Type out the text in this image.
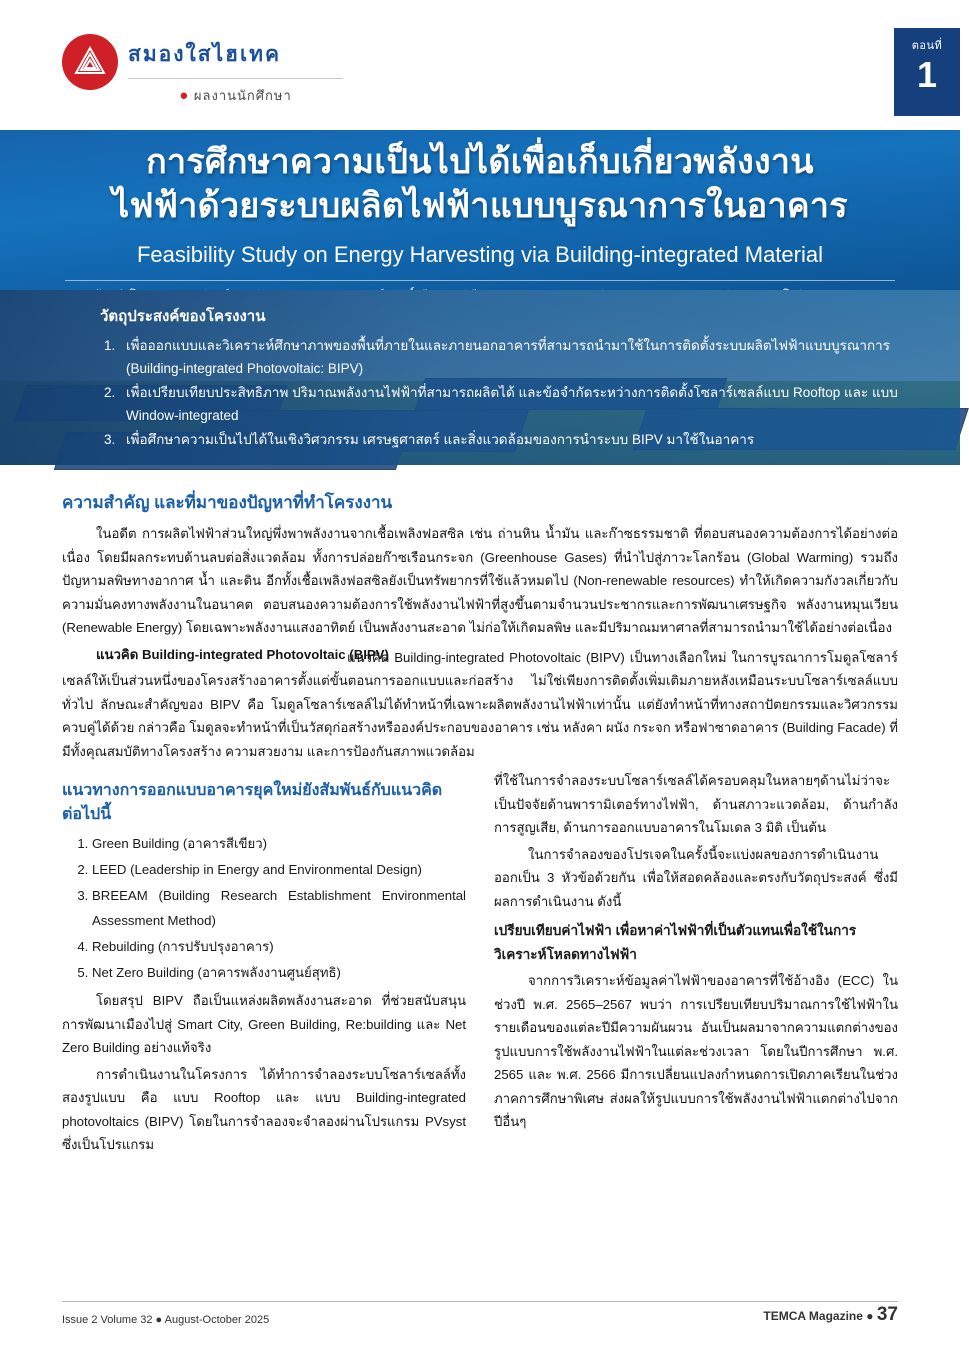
สมองใสไฮเทค
● ผลงานนักศึกษา
ตอนที่
1
การศึกษาความเป็นไปได้เพื่อเก็บเกี่ยวพลังงาน
ไฟฟ้าด้วยระบบผลิตไฟฟ้าแบบบูรณาการในอาคาร
Feasibility Study on Energy Harvesting via Building-integrated Material
วัตถุประสงค์ของโครงงาน
1. เพื่อออกแบบและวิเคราะห์ศึกษาภาพของพื้นที่ภายในและภายนอกอาคารที่สามารถนำมาใช้ในการติดตั้งระบบผลิตไฟฟ้าแบบบูรณาการ (Building-integrated Photovoltaic: BIPV)
2. เพื่อเปรียบเทียบประสิทธิภาพ ปริมาณพลังงานไฟฟ้าที่สามารถผลิตได้ และข้อจำกัดระหว่างการติดตั้งโซลาร์เซลล์แบบ Rooftop และ แบบ Window-integrated
3. เพื่อศึกษาความเป็นไปได้ในเชิงวิศวกรรม เศรษฐศาสตร์ และสิ่งแวดล้อมของการนำระบบ BIPV มาใช้ในอาคาร
ความสำคัญ และที่มาของปัญหาที่ทำโครงงาน

ในอดีต การผลิตไฟฟ้าส่วนใหญ่พึ่งพาพลังงานจากเชื้อเพลิงฟอสซิล เช่น ถ่านหิน น้ำมัน และก๊าซธรรมชาติ ที่ตอบสนองความต้องการได้อย่างต่อเนื่อง โดยมีผลกระทบด้านลบต่อสิ่งแวดล้อม ทั้งการปล่อยก๊าซเรือนกระจก (Greenhouse Gases) ที่นำไปสู่ภาวะโลกร้อน (Global Warming) รวมถึงปัญหามลพิษทางอากาศ น้ำ และดิน อีกทั้งเชื้อเพลิงฟอสซิลยังเป็นทรัพยากรที่ใช้แล้วหมดไป (Non-renewable resources) ทำให้เกิดความกังวลเกี่ยวกับความมั่นคงทางพลังงานในอนาคต ตอบสนองความต้องการใช้พลังงานไฟฟ้าที่สูงขึ้นตามจำนวนประชากรและการพัฒนาเศรษฐกิจ พลังงานหมุนเวียน (Renewable Energy) โดยเฉพาะพลังงานแสงอาทิตย์ เป็นพลังงานสะอาด ไม่ก่อให้เกิดมลพิษ และมีปริมาณมหาศาลที่สามารถนำมาใช้ได้อย่างต่อเนื่อง

แนวคิด Building-integrated Photovoltaic (BIPV)

แนวคิด Building-integrated Photovoltaic (BIPV) เป็นทางเลือกใหม่ ในการบูรณาการโมดูลโซลาร์เซลล์ให้เป็นส่วนหนึ่งของโครงสร้างอาคารตั้งแต่ขั้นตอนการออกแบบและก่อสร้าง ไม่ใช่เพียงการติดตั้งเพิ่มเติมภายหลังเหมือนระบบโซลาร์เซลล์แบบทั่วไป ลักษณะสำคัญของ BIPV คือ โมดูลโซลาร์เซลล์ไม่ได้ทำหน้าที่เฉพาะผลิตพลังงานไฟฟ้าเท่านั้น แต่ยังทำหน้าที่ทางสถาปัตยกรรมและวิศวกรรมควบคู่ได้ด้วย กล่าวคือ โมดูลจะทำหน้าที่เป็นวัสดุก่อสร้างหรือองค์ประกอบของอาคาร เช่น หลังคา ผนัง กระจก หรือฟาซาดอาคาร (Building Facade) ที่มีทั้งคุณสมบัติทางโครงสร้าง ความสวยงาม และการป้องกันสภาพแวดล้อม

แนวทางการออกแบบอาคารยุคใหม่ยังสัมพันธ์กับแนวคิด
ต่อไปนี้
1. Green Building (อาคารสีเขียว)
2. LEED (Leadership in Energy and Environmental Design)
3. BREEAM (Building Research Establishment Environmental Assessment Method)
4. Rebuilding (การปรับปรุงอาคาร)
5. Net Zero Building (อาคารพลังงานศูนย์สุทธิ)

โดยสรุป BIPV ถือเป็นแหล่งผลิตพลังงานสะอาด ที่ช่วยสนับสนุนการพัฒนาเมืองไปสู่ Smart City, Green Building, Re:building และ Net Zero Building อย่างแท้จริง

การดำเนินงานในโครงการ ได้ทำการจำลองระบบโซลาร์เซลล์ทั้งสองรูปแบบ คือ แบบ Rooftop และ แบบ Building-integrated photovoltaics (BIPV) โดยในการจำลองจะจำลองผ่านโปรแกรม PVsyst ซึ่งเป็นโปรแกรม

ที่ใช้ในการจำลองระบบโซลาร์เซลล์ได้ครอบคลุมในหลายๆด้านไม่ว่าจะเป็นปัจจัยด้านพารามิเตอร์ทางไฟฟ้า, ด้านสภาวะแวดล้อม, ด้านกำลังการสูญเสีย, ด้านการออกแบบอาคารในโมเดล 3 มิติ เป็นต้น

ในการจำลองของโปรเจคในครั้งนี้จะแบ่งผลของการดำเนินงานออกเป็น 3 หัวข้อด้วยกัน เพื่อให้สอดคล้องและตรงกับวัตถุประสงค์ ซึ่งมีผลการดำเนินงาน ดังนี้

เปรียบเทียบค่าไฟฟ้า เพื่อหาค่าไฟฟ้าที่เป็นตัวแทนเพื่อใช้ในการวิเคราะห์โหลดทางไฟฟ้า

จากการวิเคราะห์ข้อมูลค่าไฟฟ้าของอาคารที่ใช้อ้างอิง (ECC) ในช่วงปี พ.ศ. 2565–2567 พบว่า การเปรียบเทียบปริมาณการใช้ไฟฟ้าในรายเดือนของแต่ละปีมีความผันผวน อันเป็นผลมาจากความแตกต่างของรูปแบบการใช้พลังงานไฟฟ้าในแต่ละช่วงเวลา โดยในปีการศึกษา พ.ศ. 2565 และ พ.ศ. 2566 มีการเปลี่ยนแปลงกำหนดการเปิดภาคเรียนในช่วงภาคการศึกษาพิเศษ ส่งผลให้รูปแบบการใช้พลังงานไฟฟ้าแตกต่างไปจากปีอื่นๆ

Issue 2 Volume 32 ● August-October 2025	TEMCA Magazine ● 37
